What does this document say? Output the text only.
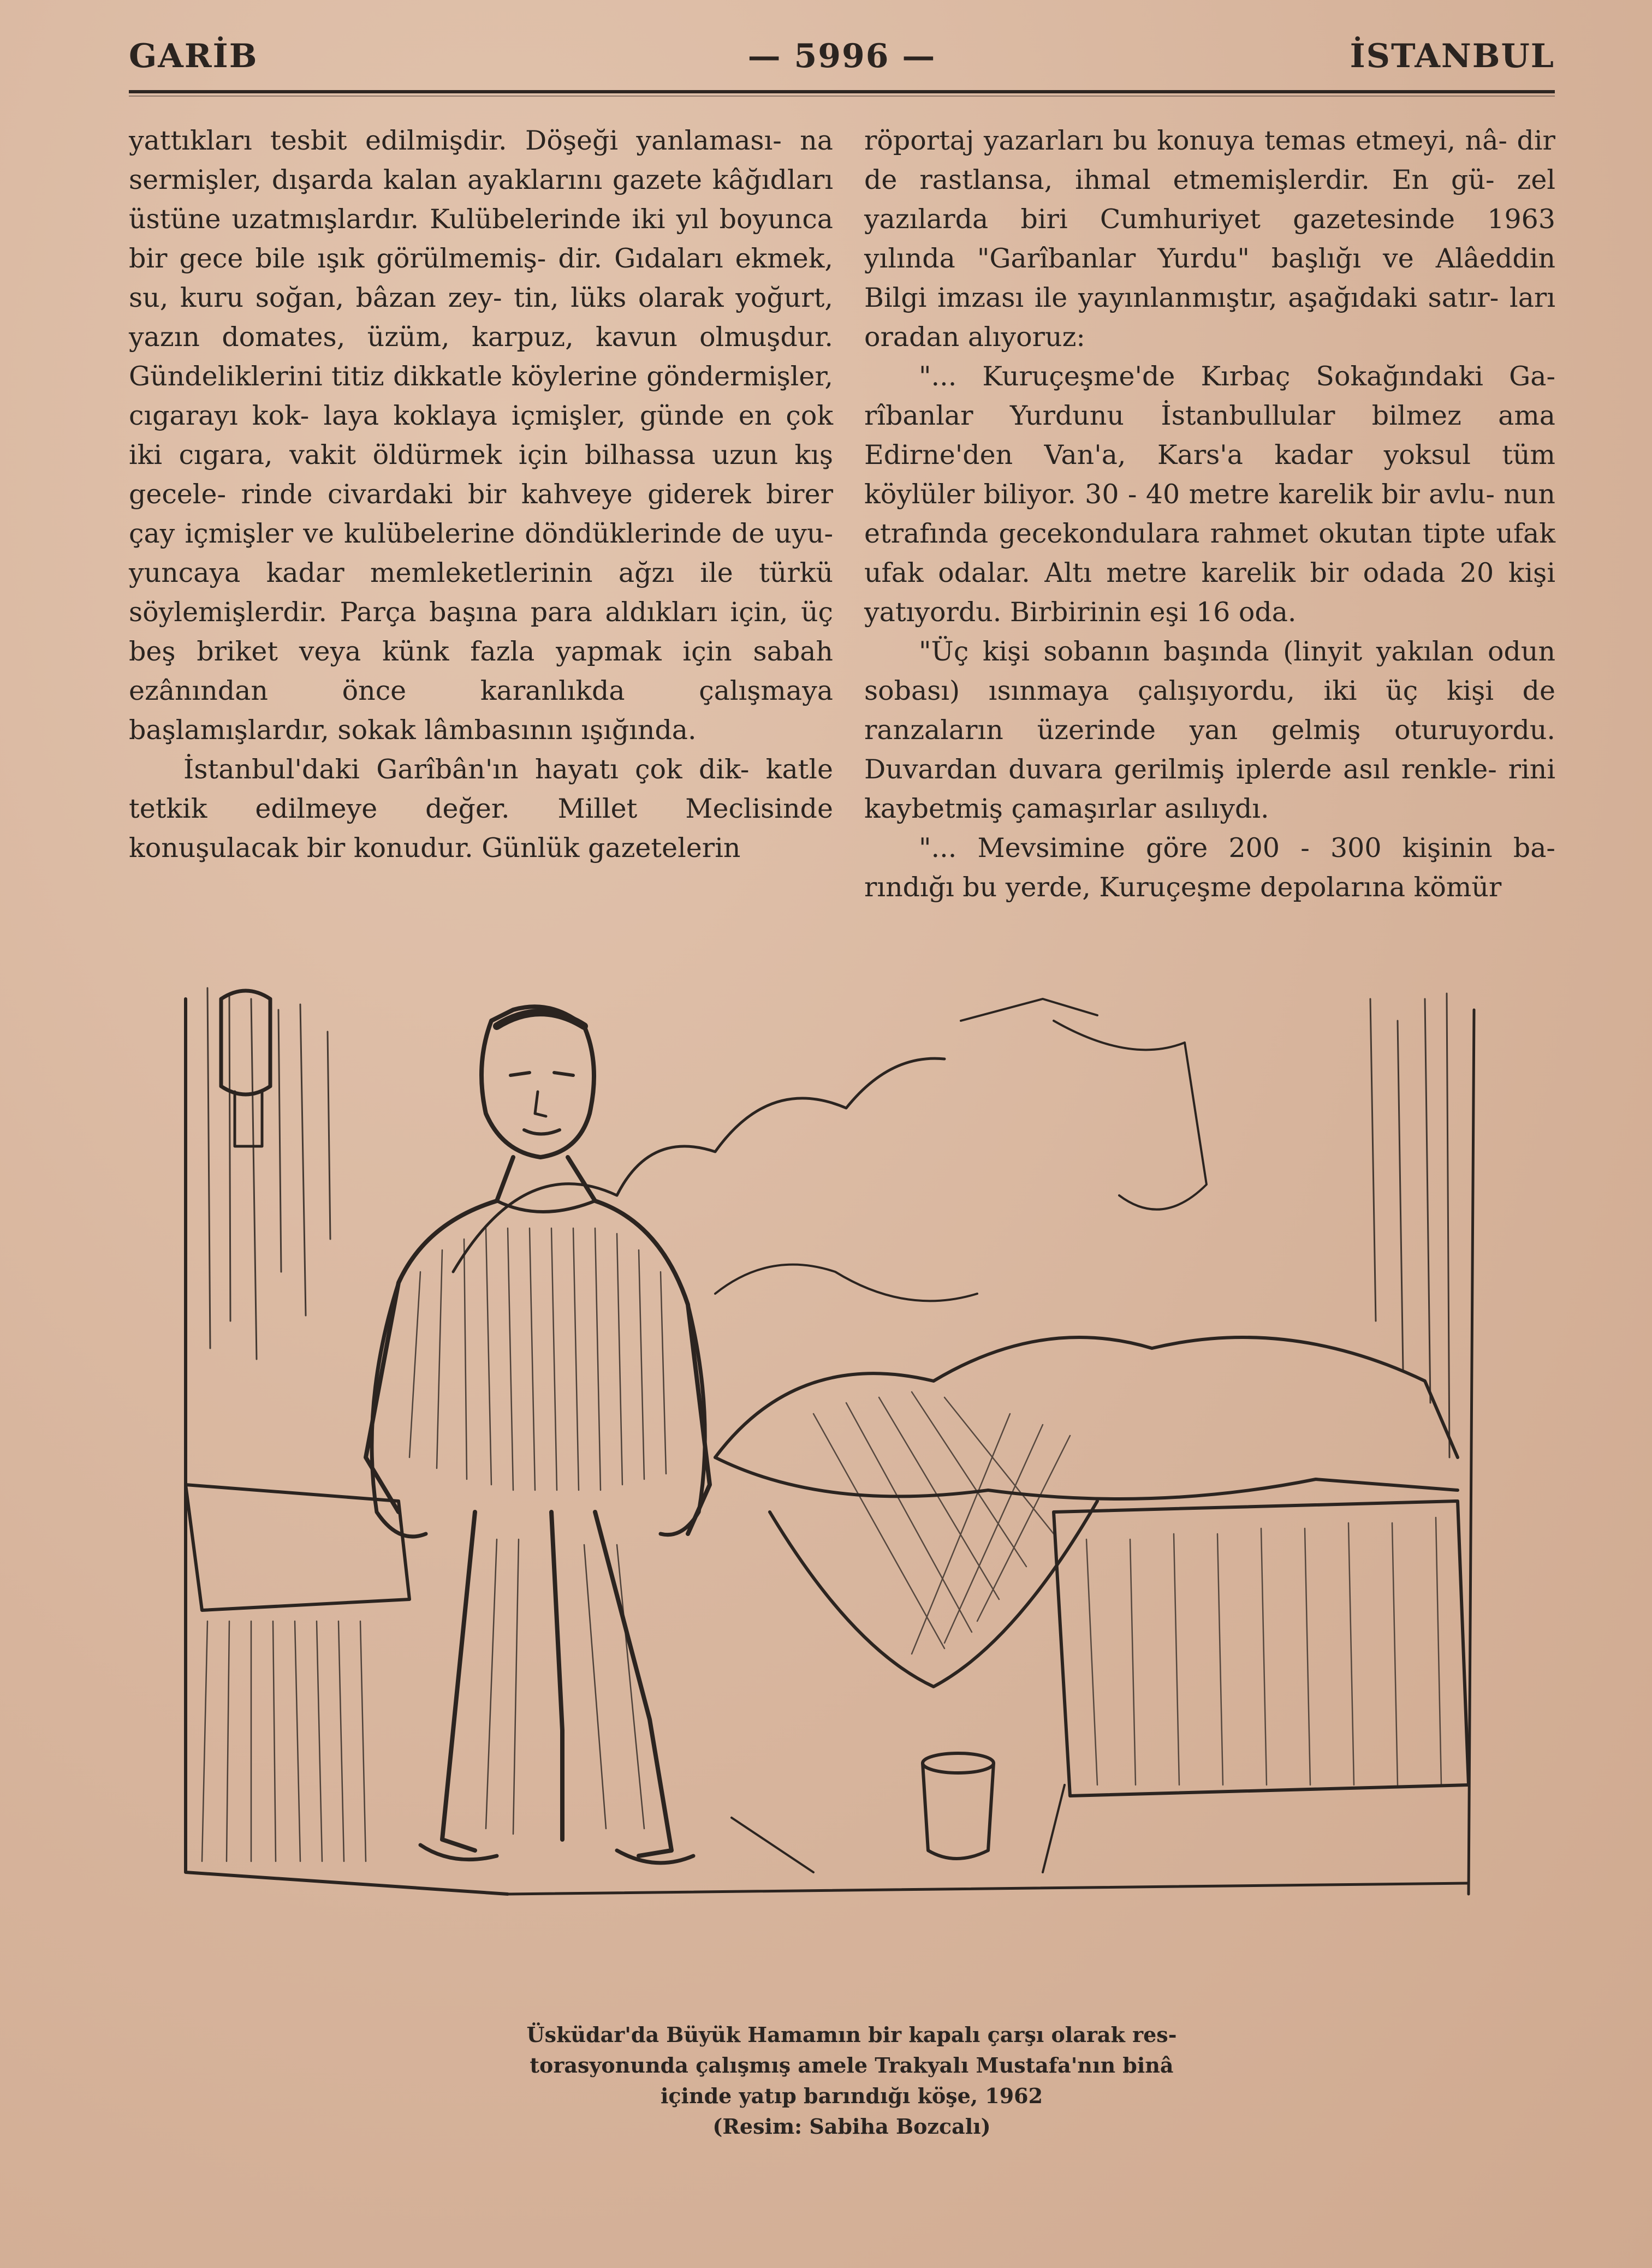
GARİB	— 5996 —	İSTANBUL

yattıkları tesbit edilmişdir. Döşeği yanlaması- na sermişler, dışarda kalan ayaklarını gazete kâğıdları üstüne uzatmışlardır. Kulübelerinde iki yıl boyunca bir gece bile ışık görülmemiş- dir. Gıdaları ekmek, su, kuru soğan, bâzan zey- tin, lüks olarak yoğurt, yazın domates, üzüm, karpuz, kavun olmuşdur. Gündeliklerini titiz dikkatle köylerine göndermişler, cıgarayı kok- laya koklaya içmişler, günde en çok iki cıgara, vakit öldürmek için bilhassa uzun kış gecele- rinde civardaki bir kahveye giderek birer çay içmişler ve kulübelerine döndüklerinde de uyu- yuncaya kadar memleketlerinin ağzı ile türkü söylemişlerdir. Parça başına para aldıkları için, üç beş briket veya künk fazla yapmak için sabah ezânından önce karanlıkda çalışmaya başlamışlardır, sokak lâmbasının ışığında.

İstanbul'daki Garîbân'ın hayatı çok dik- katle tetkik edilmeye değer. Millet Meclisinde konuşulacak bir konudur. Günlük gazetelerin

röportaj yazarları bu konuya temas etmeyi, nâ- dir de rastlansa, ihmal etmemişlerdir. En gü- zel yazılarda biri Cumhuriyet gazetesinde 1963 yılında "Garîbanlar Yurdu" başlığı ve Alâeddin Bilgi imzası ile yayınlanmıştır, aşağıdaki satır- ları oradan alıyoruz:

"... Kuruçeşme'de Kırbaç Sokağındaki Ga- rîbanlar Yurdunu İstanbullular bilmez ama Edirne'den Van'a, Kars'a kadar yoksul tüm köylüler biliyor. 30 - 40 metre karelik bir avlu- nun etrafında gecekondulara rahmet okutan tipte ufak ufak odalar. Altı metre karelik bir odada 20 kişi yatıyordu. Birbirinin eşi 16 oda.

"Üç kişi sobanın başında (linyit yakılan odun sobası) ısınmaya çalışıyordu, iki üç kişi de ranzaların üzerinde yan gelmiş oturuyordu. Duvardan duvara gerilmiş iplerde asıl renkle- rini kaybetmiş çamaşırlar asılıydı.

"... Mevsimine göre 200 - 300 kişinin ba- rındığı bu yerde, Kuruçeşme depolarına kömür

Üsküdar'da Büyük Hamamın bir kapalı çarşı olarak res-
torasyonunda çalışmış amele Trakyalı Mustafa'nın binâ
içinde yatıp barındığı köşe, 1962
(Resim: Sabiha Bozcalı)
